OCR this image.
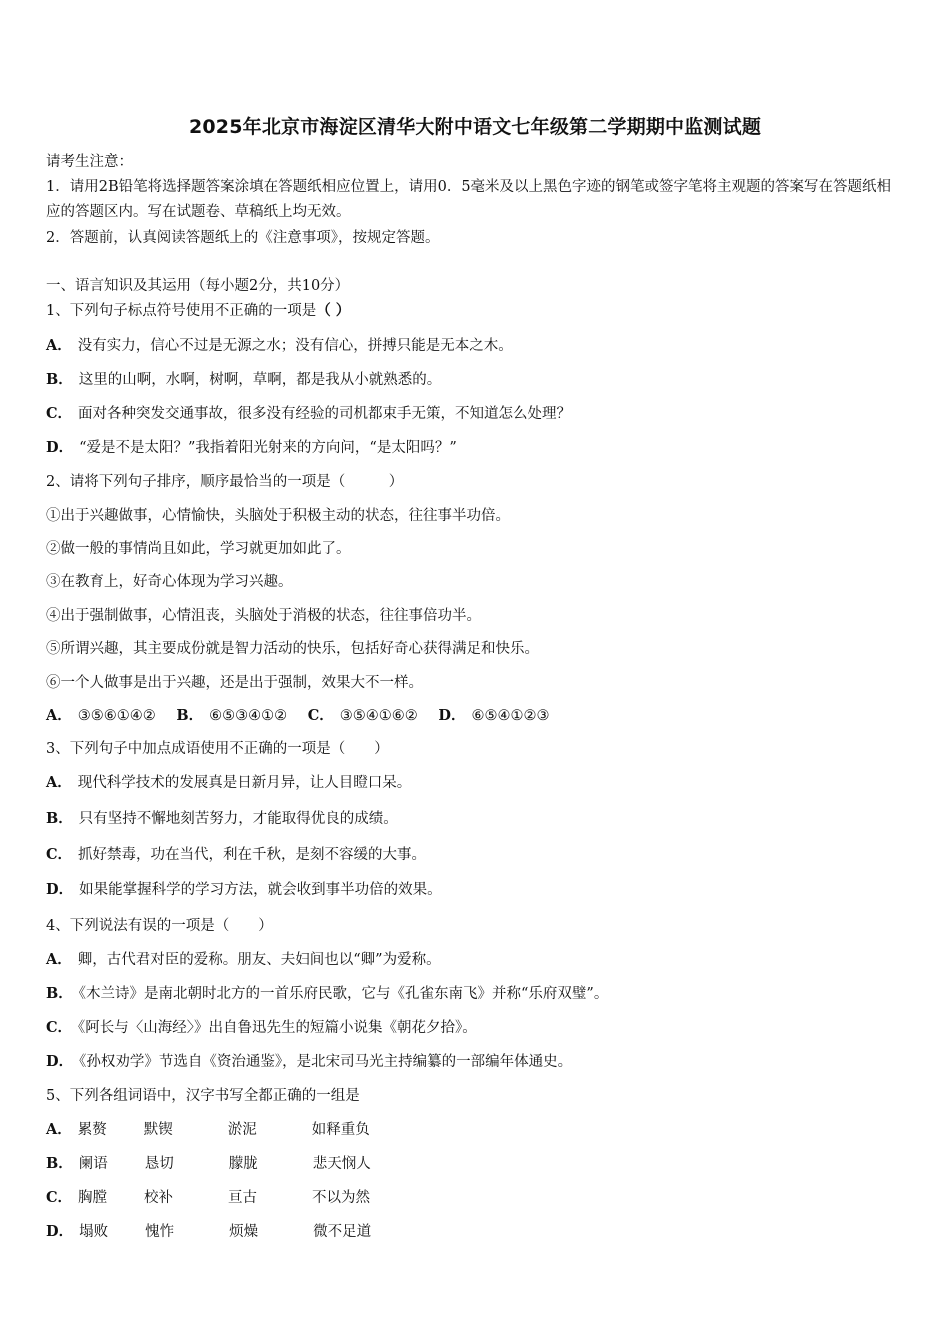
2025年北京市海淀区清华大附中语文七年级第二学期期中监测试题
请考生注意：
1．请用2B铅笔将选择题答案涂填在答题纸相应位置上，请用0．5毫米及以上黑色字迹的钢笔或签字笔将主观题的答案写在答题纸相应的答题区内。写在试题卷、草稿纸上均无效。
2．答题前，认真阅读答题纸上的《注意事项》，按规定答题。
一、语言知识及其运用（每小题2分，共10分）
1、下列句子标点符号使用不正确的一项是（ ）
A． 没有实力，信心不过是无源之水；没有信心，拼搏只能是无本之木。
B． 这里的山啊，水啊，树啊，草啊，都是我从小就熟悉的。
C． 面对各种突发交通事故，很多没有经验的司机都束手无策，不知道怎么处理？
D． “爱是不是太阳？”我指着阳光射来的方向问，“是太阳吗？”
2、请将下列句子排序，顺序最恰当的一项是（　　　）
①出于兴趣做事，心情愉快，头脑处于积极主动的状态，往往事半功倍。
②做一般的事情尚且如此，学习就更加如此了。
③在教育上，好奇心体现为学习兴趣。
④出于强制做事，心情沮丧，头脑处于消极的状态，往往事倍功半。
⑤所谓兴趣，其主要成份就是智力活动的快乐，包括好奇心获得满足和快乐。
⑥一个人做事是出于兴趣，还是出于强制，效果大不一样。
A． ③⑤⑥①④② B． ⑥⑤③④①② C． ③⑤④①⑥② D． ⑥⑤④①②③
3、下列句子中加点成语使用不正确的一项是（　　）
A． 现代科学技术的发展真是日新月异，让人目瞪口呆。
B． 只有坚持不懈地刻苦努力，才能取得优良的成绩。
C． 抓好禁毒，功在当代，利在千秋，是刻不容缓的大事。
D． 如果能掌握科学的学习方法，就会收到事半功倍的效果。
4、下列说法有误的一项是（　　）
A． 卿，古代君对臣的爱称。朋友、夫妇间也以“卿”为爱称。
B． 《木兰诗》是南北朝时北方的一首乐府民歌，它与《孔雀东南飞》并称“乐府双璧”。
C． 《阿长与〈山海经〉》出自鲁迅先生的短篇小说集《朝花夕拾》。
D． 《孙权劝学》节选自《资治通鉴》，是北宋司马光主持编纂的一部编年体通史。
5、下列各组词语中，汉字书写全都正确的一组是
A． 累赘	默锲	淤泥	如释重负
B． 阑语	恳切	朦胧	悲天悯人
C． 胸膛	校补	亘古	不以为然
D． 塌败	愧怍	烦燥	微不足道
